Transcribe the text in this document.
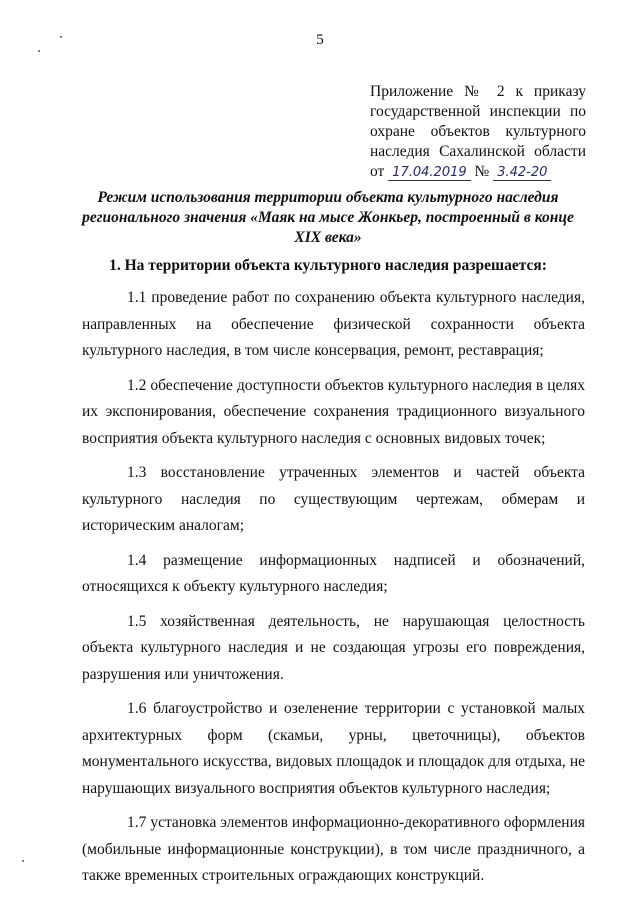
5
Приложение № 2 к приказу
государственной инспекции по
охране объектов культурного
наследия Сахалинской области
от 17.04.2019 № 3.42-20
Режим использования территории объекта культурного наследия регионального значения «Маяк на мысе Жонкьер, построенный в конце XIX века»
1. На территории объекта культурного наследия разрешается:

1.1 проведение работ по сохранению объекта культурного наследия, направленных на обеспечение физической сохранности объекта культурного наследия, в том числе консервация, ремонт, реставрация;

1.2 обеспечение доступности объектов культурного наследия в целях их экспонирования, обеспечение сохранения традиционного визуального восприятия объекта культурного наследия с основных видовых точек;

1.3 восстановление утраченных элементов и частей объекта культурного наследия по существующим чертежам, обмерам и историческим аналогам;

1.4 размещение информационных надписей и обозначений, относящихся к объекту культурного наследия;

1.5 хозяйственная деятельность, не нарушающая целостность объекта культурного наследия и не создающая угрозы его повреждения, разрушения или уничтожения.

1.6 благоустройство и озеленение территории с установкой малых архитектурных форм (скамьи, урны, цветочницы), объектов монументального искусства, видовых площадок и площадок для отдыха, не нарушающих визуального восприятия объектов культурного наследия;

1.7 установка элементов информационно-декоративного оформления (мобильные информационные конструкции), в том числе праздничного, а также временных строительных ограждающих конструкций.
